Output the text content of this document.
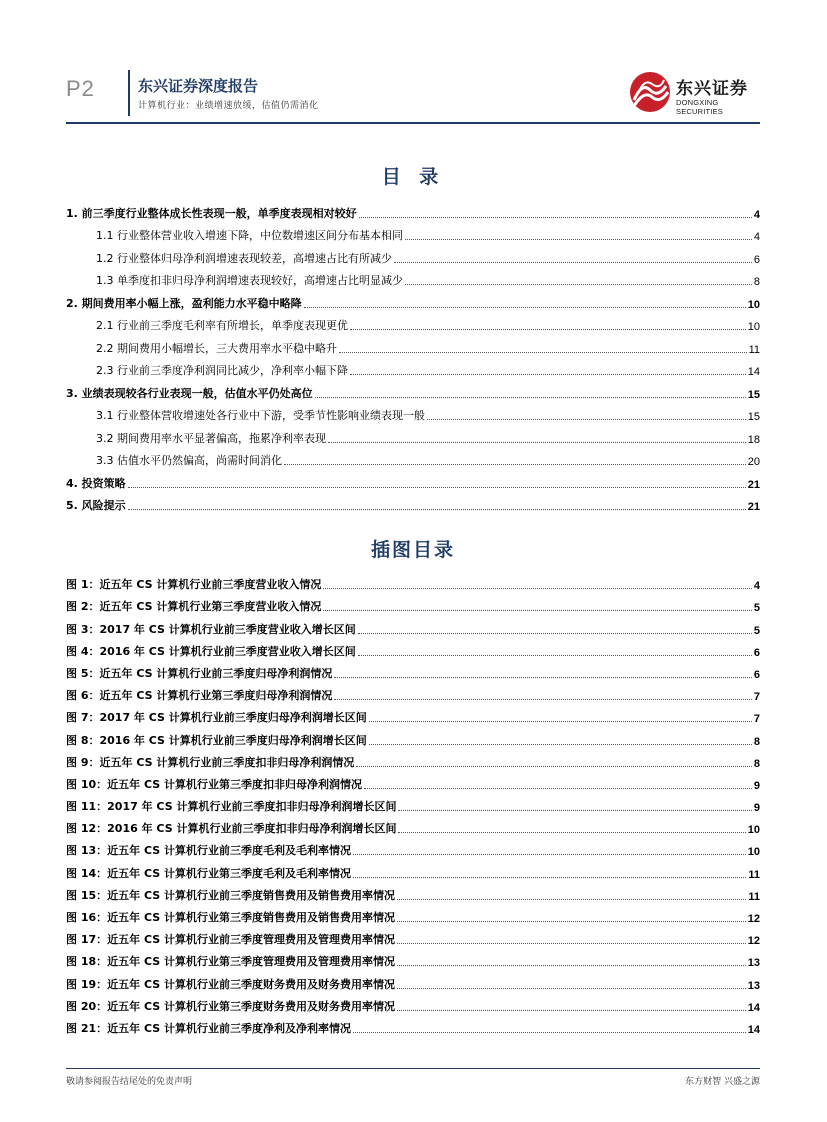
P2	东兴证券深度报告
计算机行业：业绩增速放缓，估值仍需消化
东兴证券
DONGXING SECURITIES
目 录
1. 前三季度行业整体成长性表现一般，单季度表现相对较好	4
1.1 行业整体营业收入增速下降，中位数增速区间分布基本相同	4
1.2 行业整体归母净利润增速表现较差，高增速占比有所减少	6
1.3 单季度扣非归母净利润增速表现较好，高增速占比明显减少	8
2. 期间费用率小幅上涨，盈利能力水平稳中略降	10
2.1 行业前三季度毛利率有所增长，单季度表现更优	10
2.2 期间费用小幅增长，三大费用率水平稳中略升	11
2.3 行业前三季度净利润同比减少，净利率小幅下降	14
3. 业绩表现较各行业表现一般，估值水平仍处高位	15
3.1 行业整体营收增速处各行业中下游，受季节性影响业绩表现一般	15
3.2 期间费用率水平显著偏高，拖累净利率表现	18
3.3 估值水平仍然偏高，尚需时间消化	20
4. 投资策略	21
5. 风险提示	21
插图目录
图 1：近五年 CS 计算机行业前三季度营业收入情况	4
图 2：近五年 CS 计算机行业第三季度营业收入情况	5
图 3：2017 年 CS 计算机行业前三季度营业收入增长区间	5
图 4：2016 年 CS 计算机行业前三季度营业收入增长区间	6
图 5：近五年 CS 计算机行业前三季度归母净利润情况	6
图 6：近五年 CS 计算机行业第三季度归母净利润情况	7
图 7：2017 年 CS 计算机行业前三季度归母净利润增长区间	7
图 8：2016 年 CS 计算机行业前三季度归母净利润增长区间	8
图 9：近五年 CS 计算机行业前三季度扣非归母净利润情况	8
图 10：近五年 CS 计算机行业第三季度扣非归母净利润情况	9
图 11：2017 年 CS 计算机行业前三季度扣非归母净利润增长区间	9
图 12：2016 年 CS 计算机行业前三季度扣非归母净利润增长区间	10
图 13：近五年 CS 计算机行业前三季度毛利及毛利率情况	10
图 14：近五年 CS 计算机行业第三季度毛利及毛利率情况	11
图 15：近五年 CS 计算机行业前三季度销售费用及销售费用率情况	11
图 16：近五年 CS 计算机行业第三季度销售费用及销售费用率情况	12
图 17：近五年 CS 计算机行业前三季度管理费用及管理费用率情况	12
图 18：近五年 CS 计算机行业第三季度管理费用及管理费用率情况	13
图 19：近五年 CS 计算机行业前三季度财务费用及财务费用率情况	13
图 20：近五年 CS 计算机行业第三季度财务费用及财务费用率情况	14
图 21：近五年 CS 计算机行业前三季度净利及净利率情况	14
敬请参阅报告结尾处的免责声明	东方财智 兴盛之源
